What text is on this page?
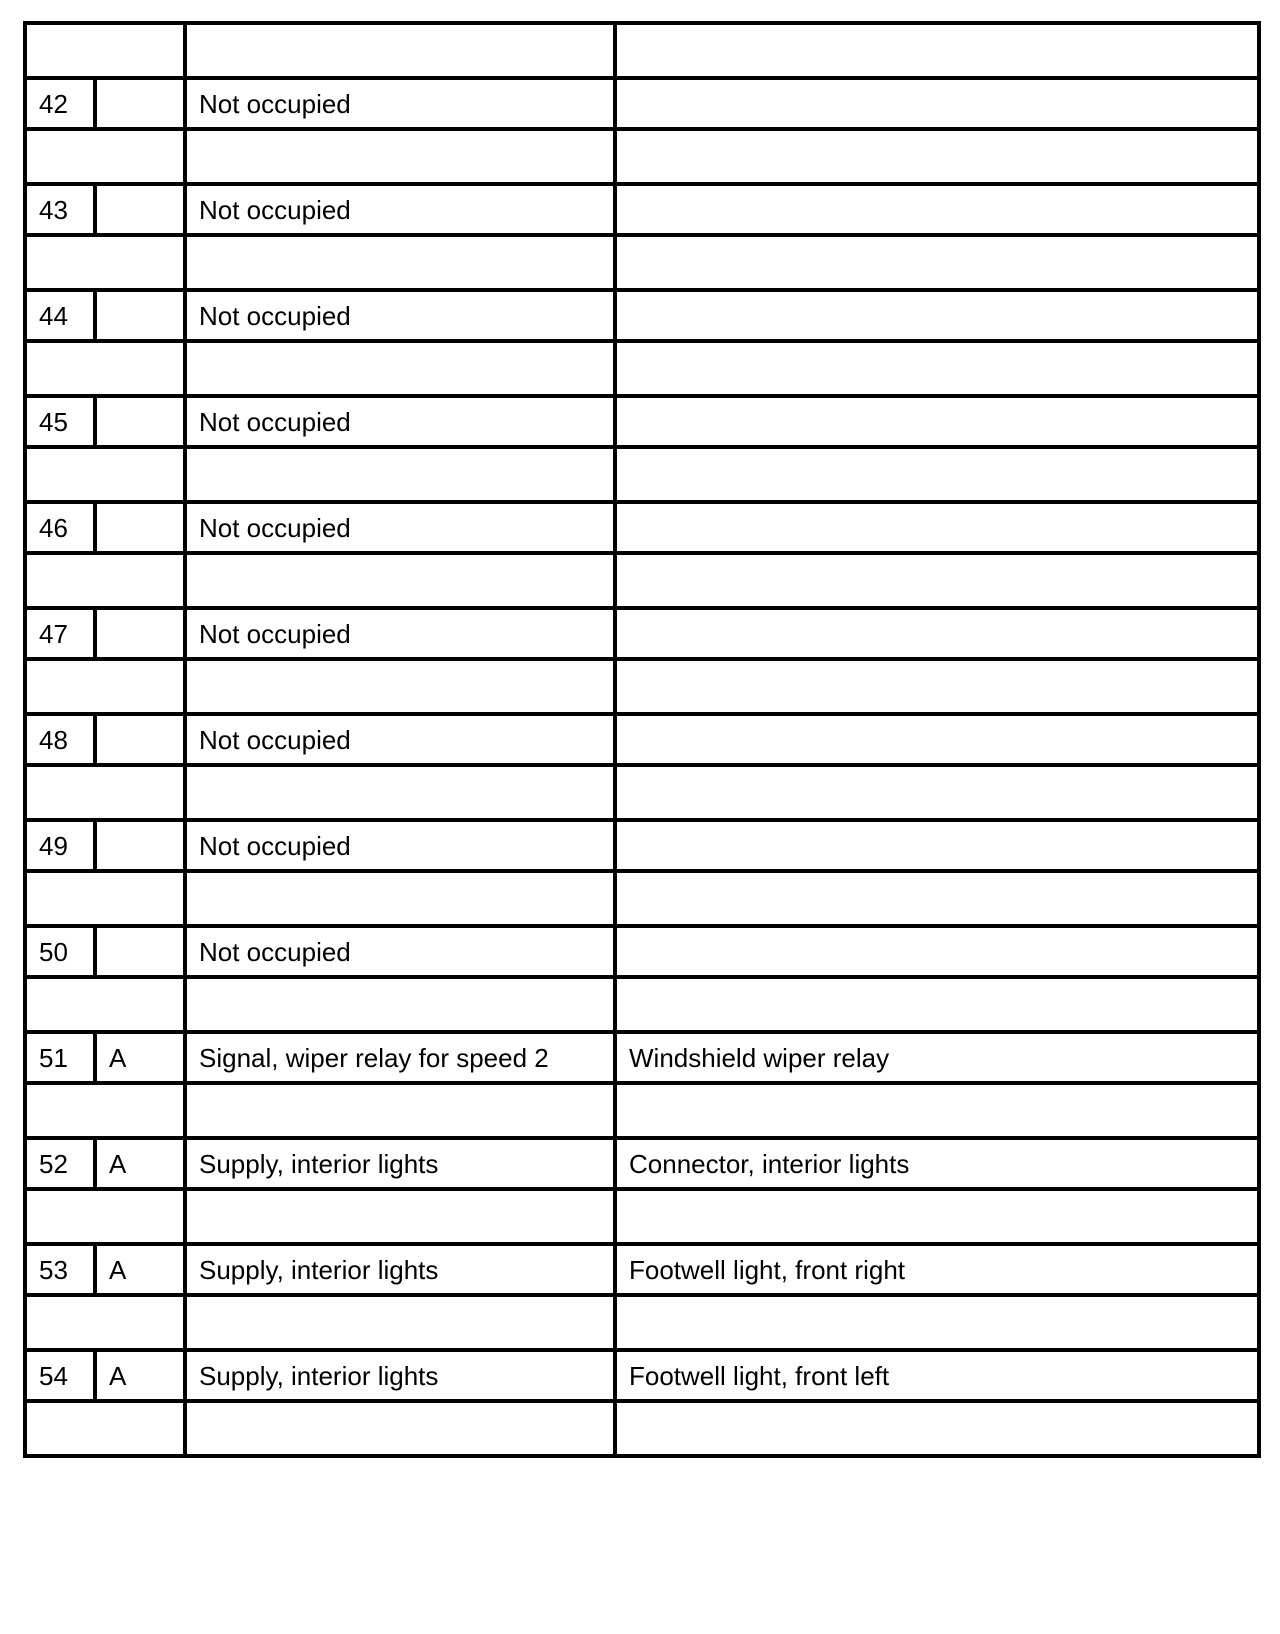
42		Not occupied	

43		Not occupied	

44		Not occupied	

45		Not occupied	

46		Not occupied	

47		Not occupied	

48		Not occupied	

49		Not occupied	

50		Not occupied	

51	A	Signal, wiper relay for speed 2	Windshield wiper relay

52	A	Supply, interior lights	Connector, interior lights

53	A	Supply, interior lights	Footwell light, front right

54	A	Supply, interior lights	Footwell light, front left
